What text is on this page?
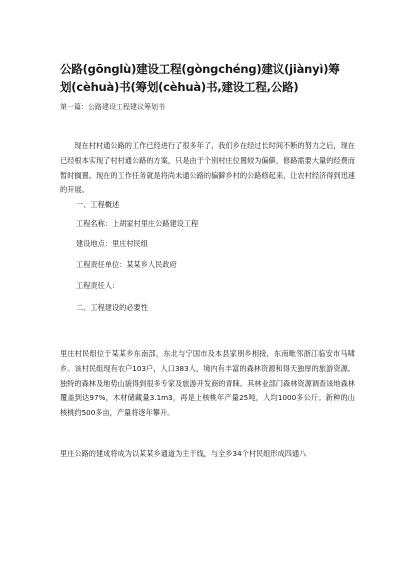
公路(gōnglù)建设工程(gòngchéng)建议(jiànyì)筹划(cèhuà)书(筹划(cèhuà)书,建设工程,公路)
第一篇：公路建设工程建议筹划书

现在村村通公路的工作已经进行了很多年了，我们乡在经过长时间不断的努力之后，现在已经根本实现了村村通公路的方案，只是由于个别村庄位置较为偏僻，修路需要大量的经费而暂时搁置。现在的工作任务就是将尚未通公路的偏僻乡村的公路修起来，让农村经济得到迅速的开展。

一、工程概述
工程名称：上胡家村里庄公路建设工程
建设地点：里庄村民组
工程责任单位：某某乡人民政府
工程责任人：
二、工程建设的必要性

里庄村民组位于某某乡东南部，东北与宁国市及本县家朋乡相接，东南毗邻浙江临安市马啸乡。该村民组现有农户103户，人口383人，境内有丰富的森林资源和得天独厚的旅游资源。独特的森林及地势山貌得到很多专家及旅游开发商的青睐。其林业部门森林资源调查该地森林覆盖到达97%，木材储藏量3.1m3，再是上核桃年产量25吨，人均1000多公斤。新种的山核桃约500多亩，产量将逐年攀升。

里庄公路的建成将成为以某某乡通道为主干线，与全乡34个村民组形成四通八
